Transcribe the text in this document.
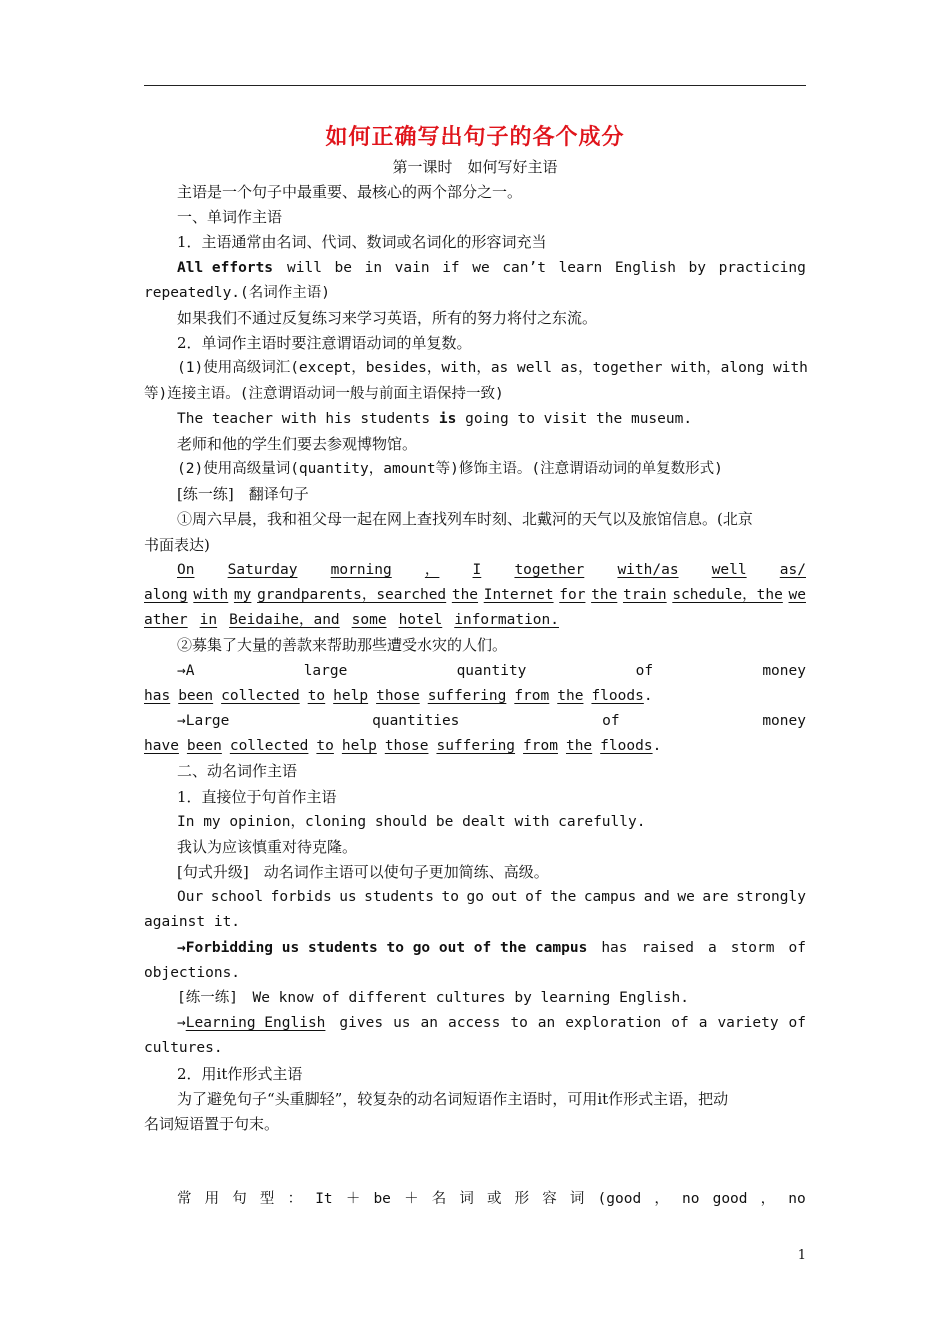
如何正确写出句子的各个成分
第一课时　如何写好主语
主语是一个句子中最重要、最核心的两个部分之一。
一、单词作主语
1．主语通常由名词、代词、数词或名词化的形容词充当
All efforts will be in vain if we can’t learn English by practicing
repeatedly.(名词作主语)
如果我们不通过反复练习来学习英语，所有的努力将付之东流。
2．单词作主语时要注意谓语动词的单复数。
(1)使用高级词汇(except，besides，with，as well as，together with，along with
等)连接主语。(注意谓语动词一般与前面主语保持一致)
The teacher with his students is going to visit the museum.
老师和他的学生们要去参观博物馆。
(2)使用高级量词(quantity，amount等)修饰主语。(注意谓语动词的单复数形式)
[练一练]　翻译句子
①周六早晨，我和祖父母一起在网上查找列车时刻、北戴河的天气以及旅馆信息。(北京
书面表达)
On Saturday morning ， I together with/as well as/
along with my grandparents，searched the Internet for the train schedule，the we
ather in Beidaihe，and some hotel information.
②募集了大量的善款来帮助那些遭受水灾的人们。
→A	large	quantity	of	money
has been collected to help those suffering from the floods .
→Large	quantities	of	money
have been collected to help those suffering from the floods .
二、动名词作主语
1．直接位于句首作主语
In my opinion，cloning should be dealt with carefully.
我认为应该慎重对待克隆。
[句式升级]　动名词作主语可以使句子更加简练、高级。
Our school forbids us students to go out of the campus and we are strongly
against it.
→Forbidding us students to go out of the campus has raised a storm of
objections.
[练一练]　We know of different cultures by learning English.
→Learning English gives us an access to an exploration of a variety of
cultures.
2．用it作形式主语
为了避免句子“头重脚轻”，较复杂的动名词短语作主语时，可用it作形式主语，把动
名词短语置于句末。
常 用 句 型 ： It ＋ be ＋ 名 词 或 形 容 词 (good ， no good ， no
1
